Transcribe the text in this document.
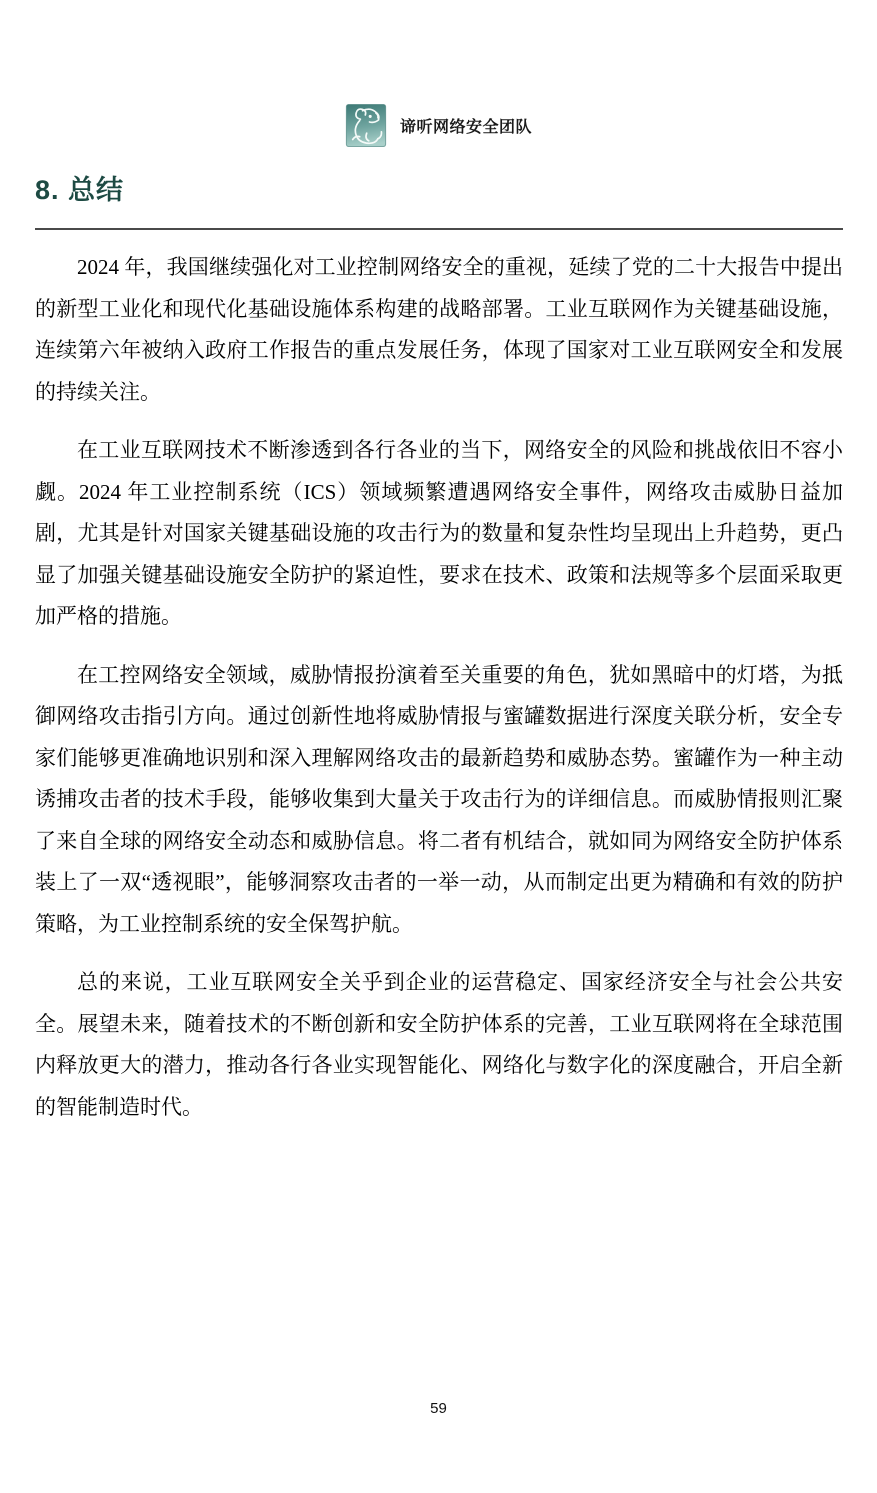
谛听网络安全团队
8. 总结

2024 年，我国继续强化对工业控制网络安全的重视，延续了党的二十大报告中提出的新型工业化和现代化基础设施体系构建的战略部署。工业互联网作为关键基础设施，连续第六年被纳入政府工作报告的重点发展任务，体现了国家对工业互联网安全和发展的持续关注。

在工业互联网技术不断渗透到各行各业的当下，网络安全的风险和挑战依旧不容小觑。2024 年工业控制系统（ICS）领域频繁遭遇网络安全事件，网络攻击威胁日益加剧，尤其是针对国家关键基础设施的攻击行为的数量和复杂性均呈现出上升趋势，更凸显了加强关键基础设施安全防护的紧迫性，要求在技术、政策和法规等多个层面采取更加严格的措施。

在工控网络安全领域，威胁情报扮演着至关重要的角色，犹如黑暗中的灯塔，为抵御网络攻击指引方向。通过创新性地将威胁情报与蜜罐数据进行深度关联分析，安全专家们能够更准确地识别和深入理解网络攻击的最新趋势和威胁态势。蜜罐作为一种主动诱捕攻击者的技术手段，能够收集到大量关于攻击行为的详细信息。而威胁情报则汇聚了来自全球的网络安全动态和威胁信息。将二者有机结合，就如同为网络安全防护体系装上了一双“透视眼”，能够洞察攻击者的一举一动，从而制定出更为精确和有效的防护策略，为工业控制系统的安全保驾护航。

总的来说，工业互联网安全关乎到企业的运营稳定、国家经济安全与社会公共安全。展望未来，随着技术的不断创新和安全防护体系的完善，工业互联网将在全球范围内释放更大的潜力，推动各行各业实现智能化、网络化与数字化的深度融合，开启全新的智能制造时代。

59
